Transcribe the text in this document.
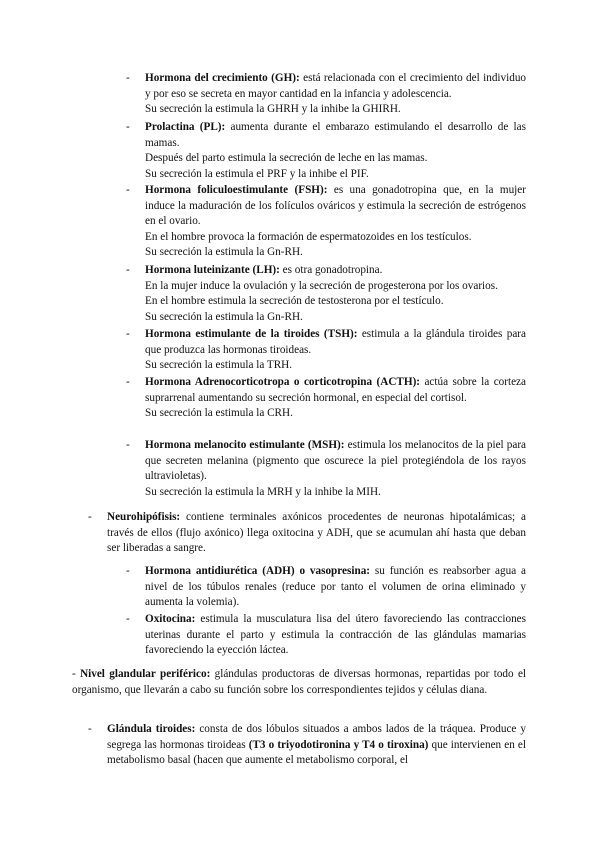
- Hormona del crecimiento (GH): está relacionada con el crecimiento del individuo y por eso se secreta en mayor cantidad en la infancia y adolescencia.
Su secreción la estimula la GHRH y la inhibe la GHIRH.
- Prolactina (PL): aumenta durante el embarazo estimulando el desarrollo de las mamas.
Después del parto estimula la secreción de leche en las mamas.
Su secreción la estimula el PRF y la inhibe el PIF.
- Hormona foliculoestimulante (FSH): es una gonadotropina que, en la mujer induce la maduración de los folículos ováricos y estimula la secreción de estrógenos en el ovario.
En el hombre provoca la formación de espermatozoides en los testículos.
Su secreción la estimula la Gn-RH.
- Hormona luteinizante (LH): es otra gonadotropina.
En la mujer induce la ovulación y la secreción de progesterona por los ovarios.
En el hombre estimula la secreción de testosterona por el testículo.
Su secreción la estimula la Gn-RH.
- Hormona estimulante de la tiroides (TSH): estimula a la glándula tiroides para que produzca las hormonas tiroideas.
Su secreción la estimula la TRH.
- Hormona Adrenocorticotropa o corticotropina (ACTH): actúa sobre la corteza suprarrenal aumentando su secreción hormonal, en especial del cortisol.
Su secreción la estimula la CRH.
- Hormona melanocito estimulante (MSH): estimula los melanocitos de la piel para que secreten melanina (pigmento que oscurece la piel protegiéndola de los rayos ultravioletas).
Su secreción la estimula la MRH y la inhibe la MIH.
- Neurohipófisis: contiene terminales axónicos procedentes de neuronas hipotalámicas; a través de ellos (flujo axónico) llega oxitocina y ADH, que se acumulan ahí hasta que deban ser liberadas a sangre.
- Hormona antidiurética (ADH) o vasopresina: su función es reabsorber agua a nivel de los túbulos renales (reduce por tanto el volumen de orina eliminado y aumenta la volemia).
- Oxitocina: estimula la musculatura lisa del útero favoreciendo las contracciones uterinas durante el parto y estimula la contracción de las glándulas mamarias favoreciendo la eyección láctea.
- Nivel glandular periférico: glándulas productoras de diversas hormonas, repartidas por todo el organismo, que llevarán a cabo su función sobre los correspondientes tejidos y células diana.
- Glándula tiroides: consta de dos lóbulos situados a ambos lados de la tráquea. Produce y segrega las hormonas tiroideas (T3 o triyodotironina y T4 o tiroxina) que intervienen en el metabolismo basal (hacen que aumente el metabolismo corporal, el
